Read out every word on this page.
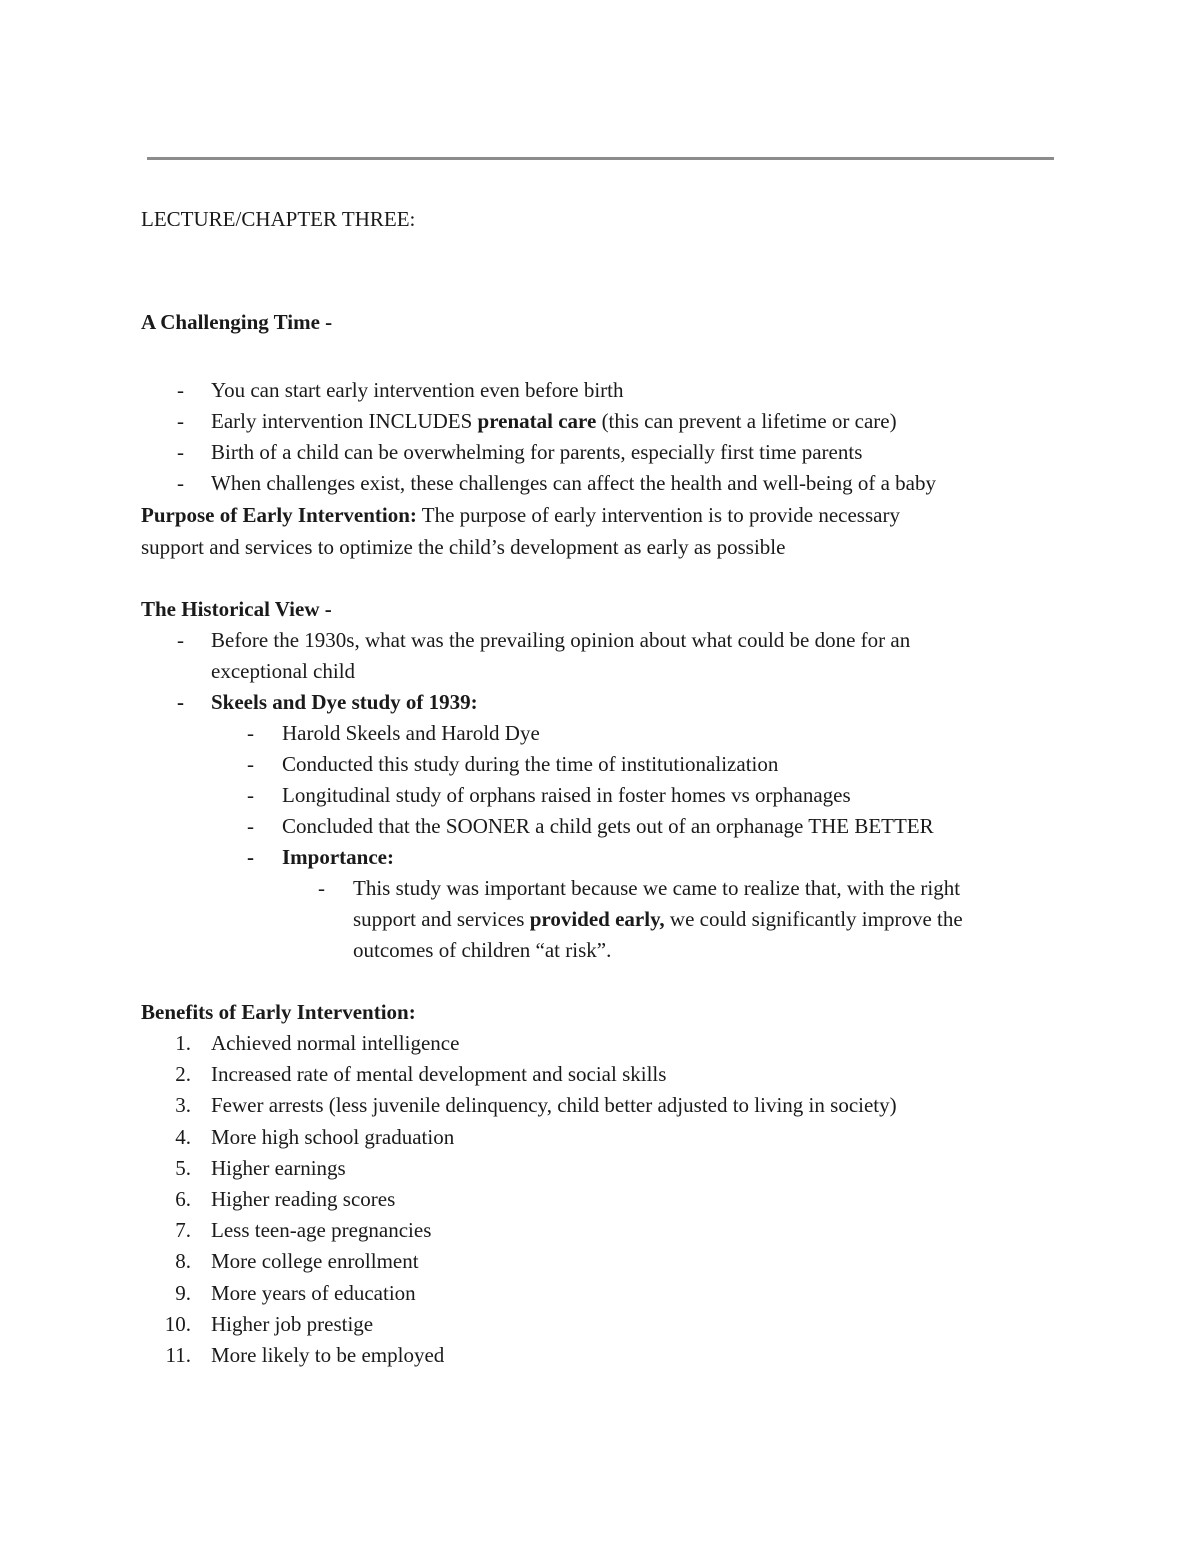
LECTURE/CHAPTER THREE:
A Challenging Time -
- You can start early intervention even before birth
- Early intervention INCLUDES prenatal care (this can prevent a lifetime or care)
- Birth of a child can be overwhelming for parents, especially first time parents
- When challenges exist, these challenges can affect the health and well-being of a baby
Purpose of Early Intervention: The purpose of early intervention is to provide necessary
support and services to optimize the child’s development as early as possible
The Historical View -
- Before the 1930s, what was the prevailing opinion about what could be done for an
exceptional child
- Skeels and Dye study of 1939:
- Harold Skeels and Harold Dye
- Conducted this study during the time of institutionalization
- Longitudinal study of orphans raised in foster homes vs orphanages
- Concluded that the SOONER a child gets out of an orphanage THE BETTER
- Importance:
- This study was important because we came to realize that, with the right
support and services provided early, we could significantly improve the
outcomes of children “at risk”.
Benefits of Early Intervention:
1. Achieved normal intelligence
2. Increased rate of mental development and social skills
3. Fewer arrests (less juvenile delinquency, child better adjusted to living in society)
4. More high school graduation
5. Higher earnings
6. Higher reading scores
7. Less teen-age pregnancies
8. More college enrollment
9. More years of education
10. Higher job prestige
11. More likely to be employed
